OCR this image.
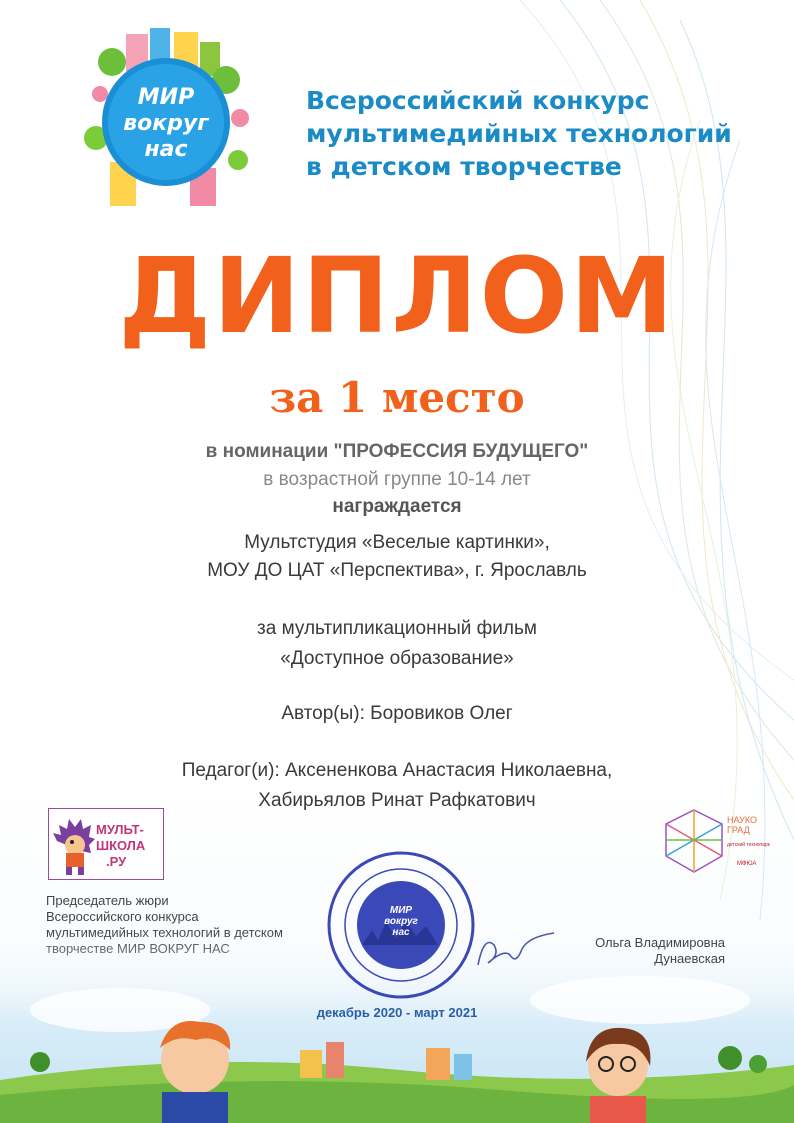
МИР
вокруг
нас
Всероссийский конкурс
мультимедийных технологий
в детском творчестве
ДИПЛОМ
за 1 место
в номинации "ПРОФЕССИЯ БУДУЩЕГО"
в возрастной группе 10-14 лет
награждается
Мультстудия «Веселые картинки»,
МОУ ДО ЦАТ «Перспектива», г. Ярославль
за мультипликационный фильм
«Доступное образование»
Автор(ы): Боровиков Олег
Педагог(и): Аксененкова Анастасия Николаевна,
Хабирьялов Ринат Рафкатович
МУЛЬТ-
ШКОЛА
.РУ
НАУКО
ГРАД
детский технопарк
МФЮА
Председатель жюри
Всероссийского конкурса
Ольга Владимировна
Дунаевская
МИР
вокруг
нас
декабрь 2020 - март 2021
